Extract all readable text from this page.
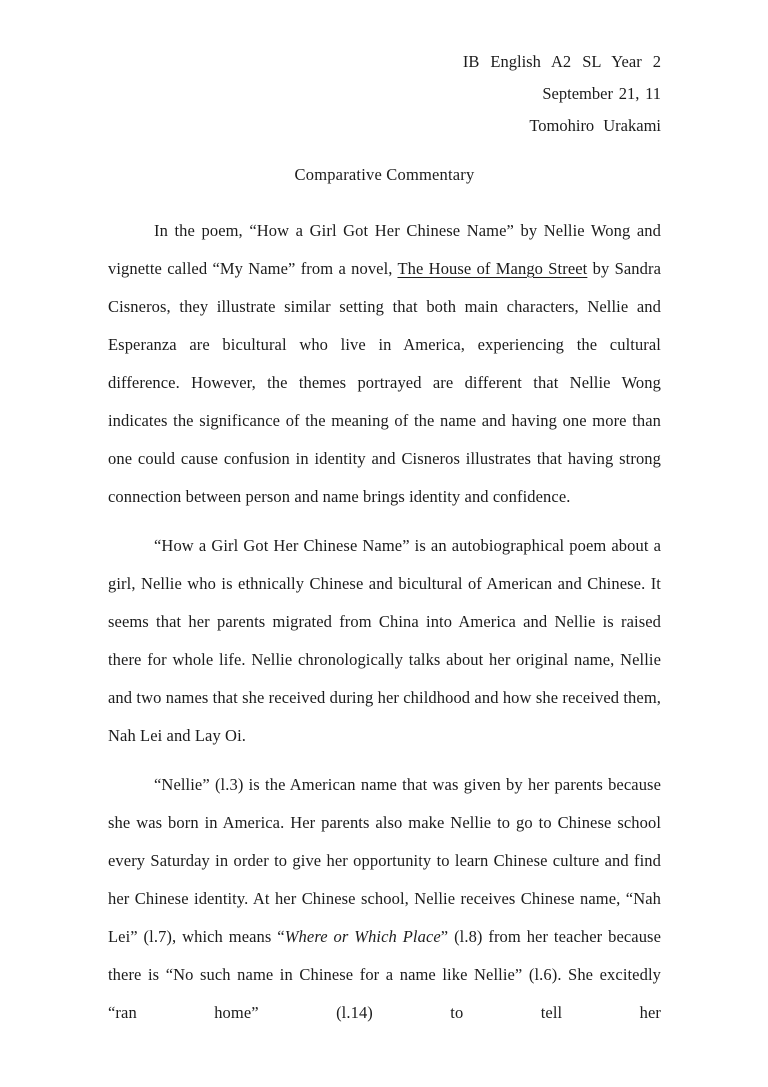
IB English A2 SL Year 2
September 21, 11
Tomohiro Urakami
Comparative Commentary

In the poem, “How a Girl Got Her Chinese Name” by Nellie Wong and vignette called “My Name” from a novel, The House of Mango Street by Sandra Cisneros, they illustrate similar setting that both main characters, Nellie and Esperanza are bicultural who live in America, experiencing the cultural difference. However, the themes portrayed are different that Nellie Wong indicates the significance of the meaning of the name and having one more than one could cause confusion in identity and Cisneros illustrates that having strong connection between person and name brings identity and confidence.

“How a Girl Got Her Chinese Name” is an autobiographical poem about a girl, Nellie who is ethnically Chinese and bicultural of American and Chinese. It seems that her parents migrated from China into America and Nellie is raised there for whole life. Nellie chronologically talks about her original name, Nellie and two names that she received during her childhood and how she received them, Nah Lei and Lay Oi.

“Nellie” (l.3) is the American name that was given by her parents because she was born in America. Her parents also make Nellie to go to Chinese school every Saturday in order to give her opportunity to learn Chinese culture and find her Chinese identity. At her Chinese school, Nellie receives Chinese name, “Nah Lei” (l.7), which means “Where or Which Place” (l.8) from her teacher because there is “No such name in Chinese for a name like Nellie” (l.6). She excitedly “ran home” (l.14) to tell her
